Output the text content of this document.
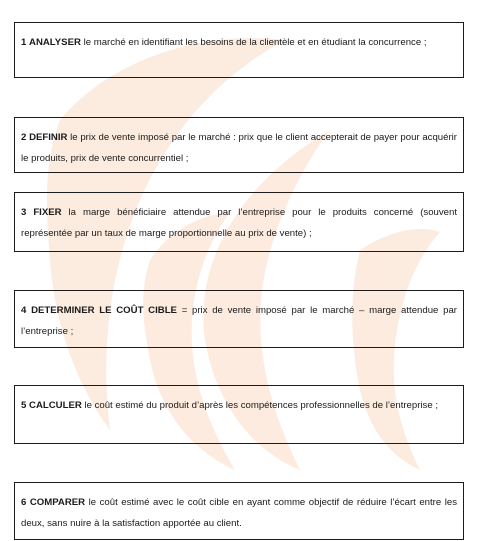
1 ANALYSER le marché en identifiant les besoins de la clientèle et en étudiant la concurrence ;
2 DEFINIR le prix de vente imposé par le marché : prix que le client accepterait de payer pour acquérir le produits, prix de vente concurrentiel ;
3 FIXER la marge bénéficiaire attendue par l’entreprise pour le produits concerné (souvent représentée par un taux de marge proportionnelle au prix de vente) ;
4 DETERMINER LE COÛT CIBLE = prix de vente imposé par le marché – marge attendue par l’entreprise ;
5 CALCULER le coût estimé du produit d’après les compétences professionnelles de l’entreprise ;
6 COMPARER le coût estimé avec le coût cible en ayant comme objectif de réduire l’écart entre les deux, sans nuire à la satisfaction apportée au client.
